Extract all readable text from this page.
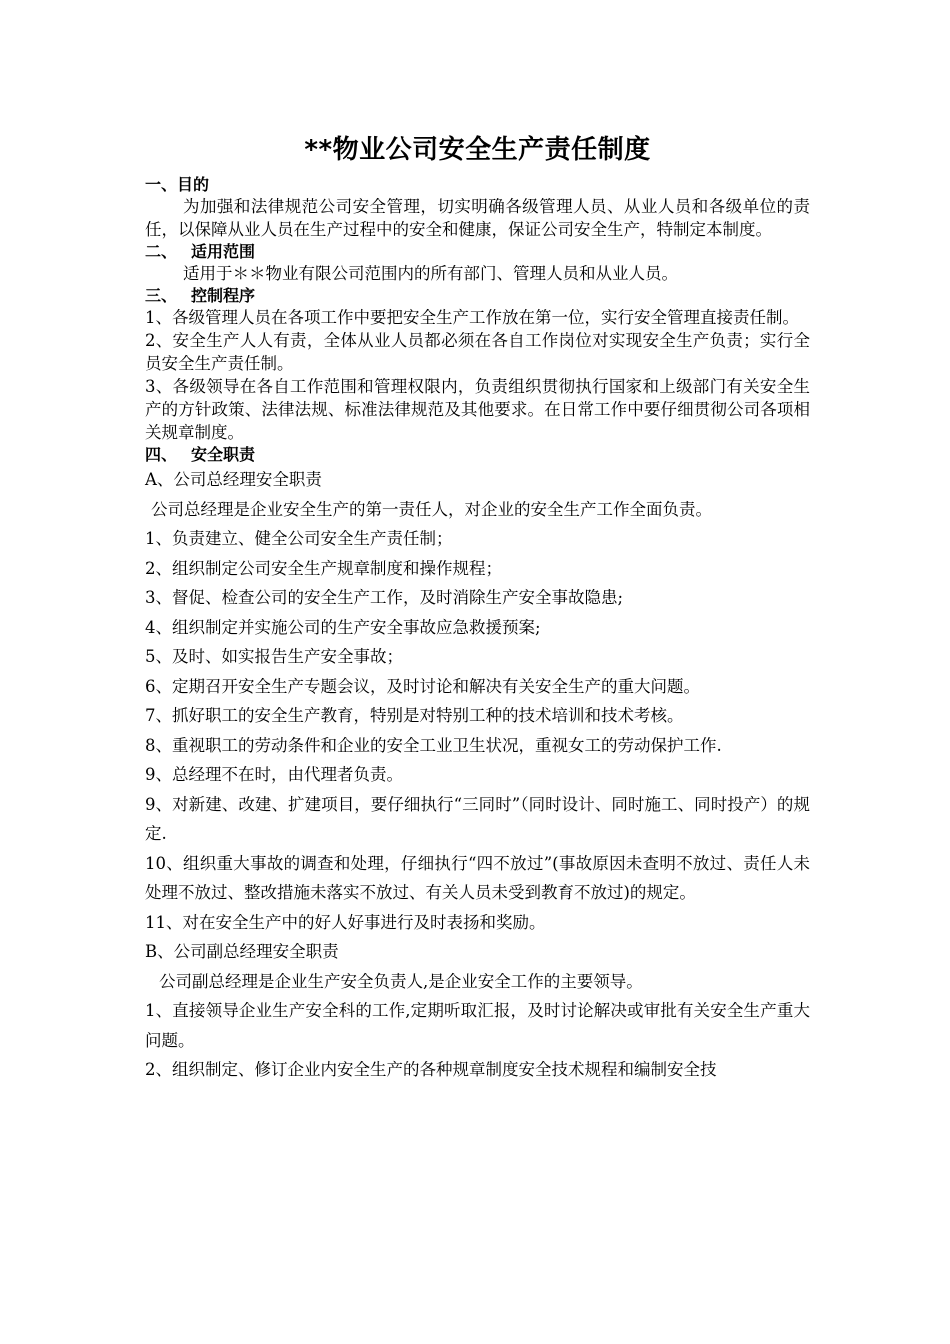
**物业公司安全生产责任制度

一、目的

为加强和法律规范公司安全管理，切实明确各级管理人员、从业人员和各级单位的责任，以保障从业人员在生产过程中的安全和健康，保证公司安全生产，特制定本制度。

二、 适用范围

适用于＊＊物业有限公司范围内的所有部门、管理人员和从业人员。

三、 控制程序

1、各级管理人员在各项工作中要把安全生产工作放在第一位，实行安全管理直接责任制。

2、安全生产人人有责，全体从业人员都必须在各自工作岗位对实现安全生产负责；实行全员安全生产责任制。

3、各级领导在各自工作范围和管理权限内，负责组织贯彻执行国家和上级部门有关安全生产的方针政策、法律法规、标准法律规范及其他要求。在日常工作中要仔细贯彻公司各项相关规章制度。

四、 安全职责

A、公司总经理安全职责

公司总经理是企业安全生产的第一责任人，对企业的安全生产工作全面负责。

1、负责建立、健全公司安全生产责任制；

2、组织制定公司安全生产规章制度和操作规程；

3、督促、检查公司的安全生产工作，及时消除生产安全事故隐患;

4、组织制定并实施公司的生产安全事故应急救援预案;

5、及时、如实报告生产安全事故；

6、定期召开安全生产专题会议，及时讨论和解决有关安全生产的重大问题。

7、抓好职工的安全生产教育，特别是对特别工种的技术培训和技术考核。

8、重视职工的劳动条件和企业的安全工业卫生状况，重视女工的劳动保护工作.

9、总经理不在时，由代理者负责。

9、对新建、改建、扩建项目，要仔细执行“三同时”（同时设计、同时施工、同时投产）的规定.

10、组织重大事故的调查和处理，仔细执行“四不放过”(事故原因未查明不放过、责任人未处理不放过、整改措施未落实不放过、有关人员未受到教育不放过)的规定。

11、对在安全生产中的好人好事进行及时表扬和奖励。

B、公司副总经理安全职责

公司副总经理是企业生产安全负责人,是企业安全工作的主要领导。

1、直接领导企业生产安全科的工作,定期听取汇报，及时讨论解决或审批有关安全生产重大问题。

2、组织制定、修订企业内安全生产的各种规章制度安全技术规程和编制安全技
